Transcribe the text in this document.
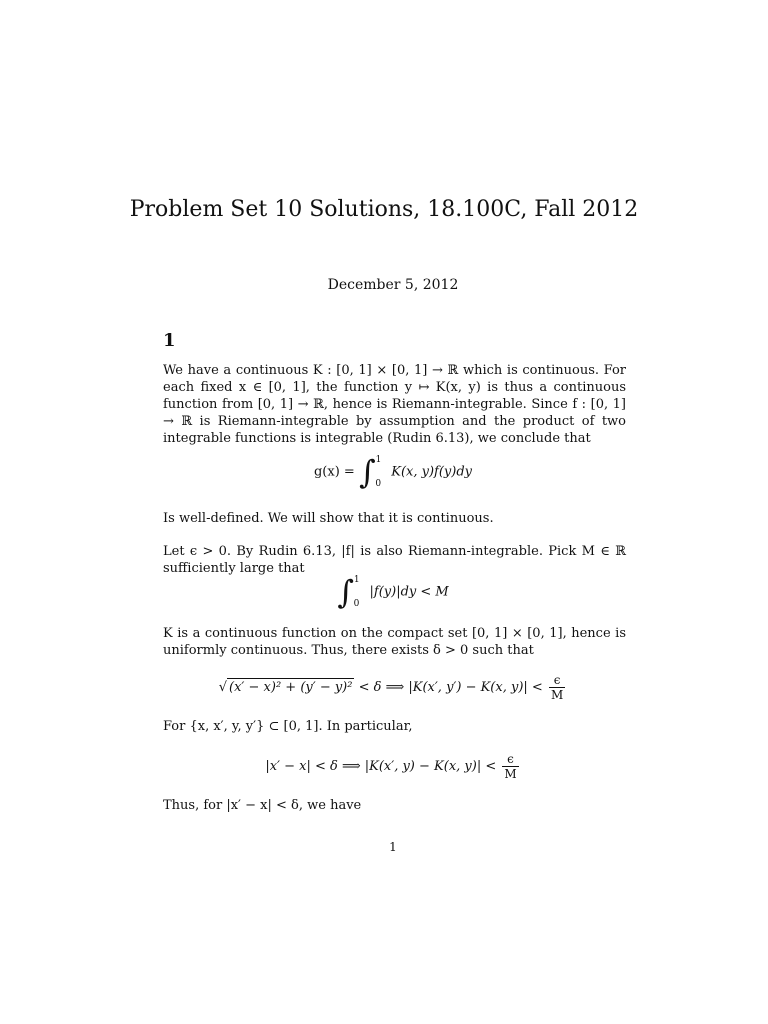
Problem Set 10 Solutions, 18.100C, Fall 2012
December 5, 2012
1
We have a continuous K : [0, 1] × [0, 1] → ℝ which is continuous. For each fixed x ∈ [0, 1], the function y ↦ K(x, y) is thus a continuous function from [0, 1] → ℝ, hence is Riemann-integrable. Since f : [0, 1] → ℝ is Riemann-integrable by assumption and the product of two integrable functions is integrable (Rudin 6.13), we conclude that
g(x) = ∫$^1_0$ K(x, y)f(y)dy
Is well-defined. We will show that it is continuous.
Let ϵ > 0. By Rudin 6.13, |f| is also Riemann-integrable. Pick M ∈ ℝ sufficiently large that
∫$^1_0$ |f(y)|dy < M
K is a continuous function on the compact set [0, 1] × [0, 1], hence is uniformly continuous. Thus, there exists δ > 0 such that
√ (x′ − x)² + (y′ − y)² < δ ⟹ |K(x′, y′) − K(x, $y)| < \frac{\epsilon}{M}$
For {x, x′, y, y′} ⊂ [0, 1]. In particular,
|x′ − x| < δ ⟹ |K(x′, y) − K(x, $y)| < \frac{\epsilon}{M}$
Thus, for |x′ − x| < δ, we have
1
